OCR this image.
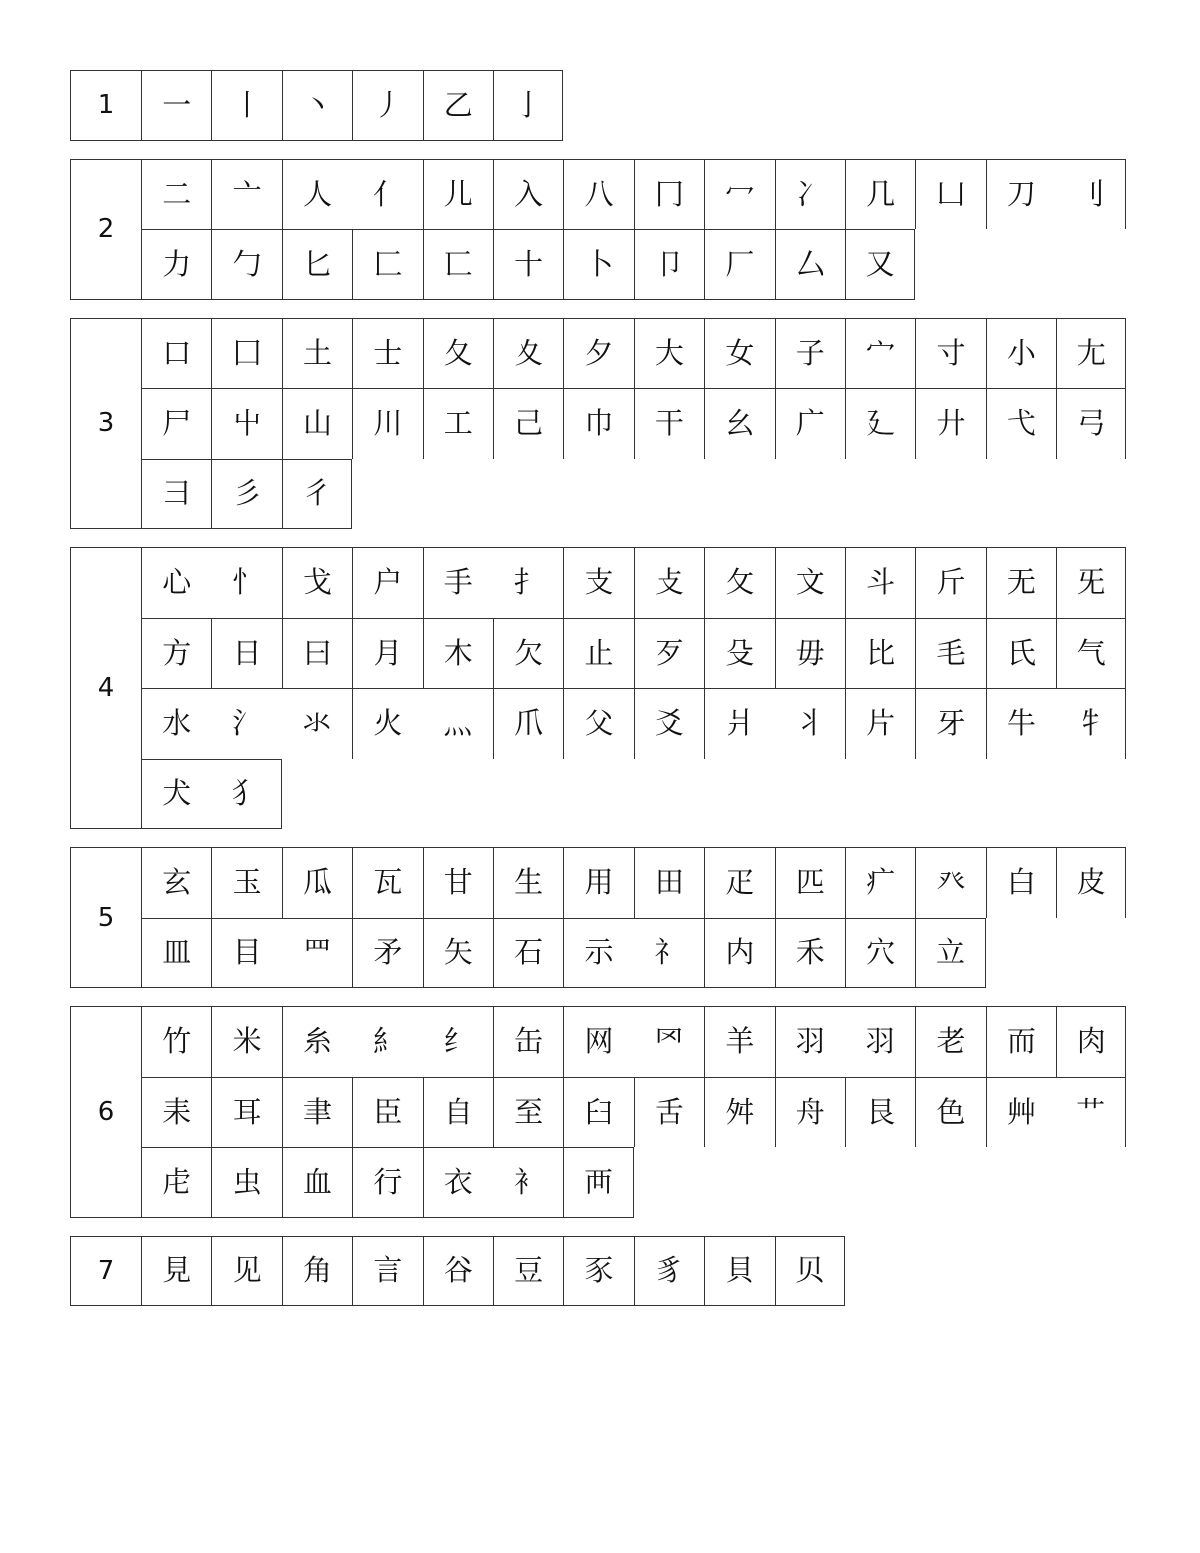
1	一	丨	丶	丿	乙	亅
2
二	亠	人	亻	儿	入	八	冂	冖	冫	几	凵	刀	刂
力	勹	匕	匚	匸	十	卜	卩	厂	厶	又
3
口	囗	土	士	夂	夊	夕	大	女	子	宀	寸	小	尢
尸	屮	山	川	工	己	巾	干	幺	广	廴	廾	弋	弓
彐	彡	彳
4
心	忄	戈	户	手	扌	支	攴	攵	文	斗	斤	无	旡
方	日	曰	月	木	欠	止	歹	殳	毋	比	毛	氏	气
水	氵	氺	火	灬	爪	父	爻	爿	丬	片	牙	牛	牜
犬	犭
5
玄	玉	瓜	瓦	甘	生	用	田	疋	匹	疒	癶	白	皮
皿	目	罒	矛	矢	石	示	礻	内	禾	穴	立
6
竹	米	糸	糹	纟	缶	网	罓	羊	羽	羽	老	而	肉
耒	耳	聿	臣	自	至	臼	舌	舛	舟	艮	色	艸	艹
虍	虫	血	行	衣	衤	襾
7	見	见	角	言	谷	豆	豕	豸	貝	贝
